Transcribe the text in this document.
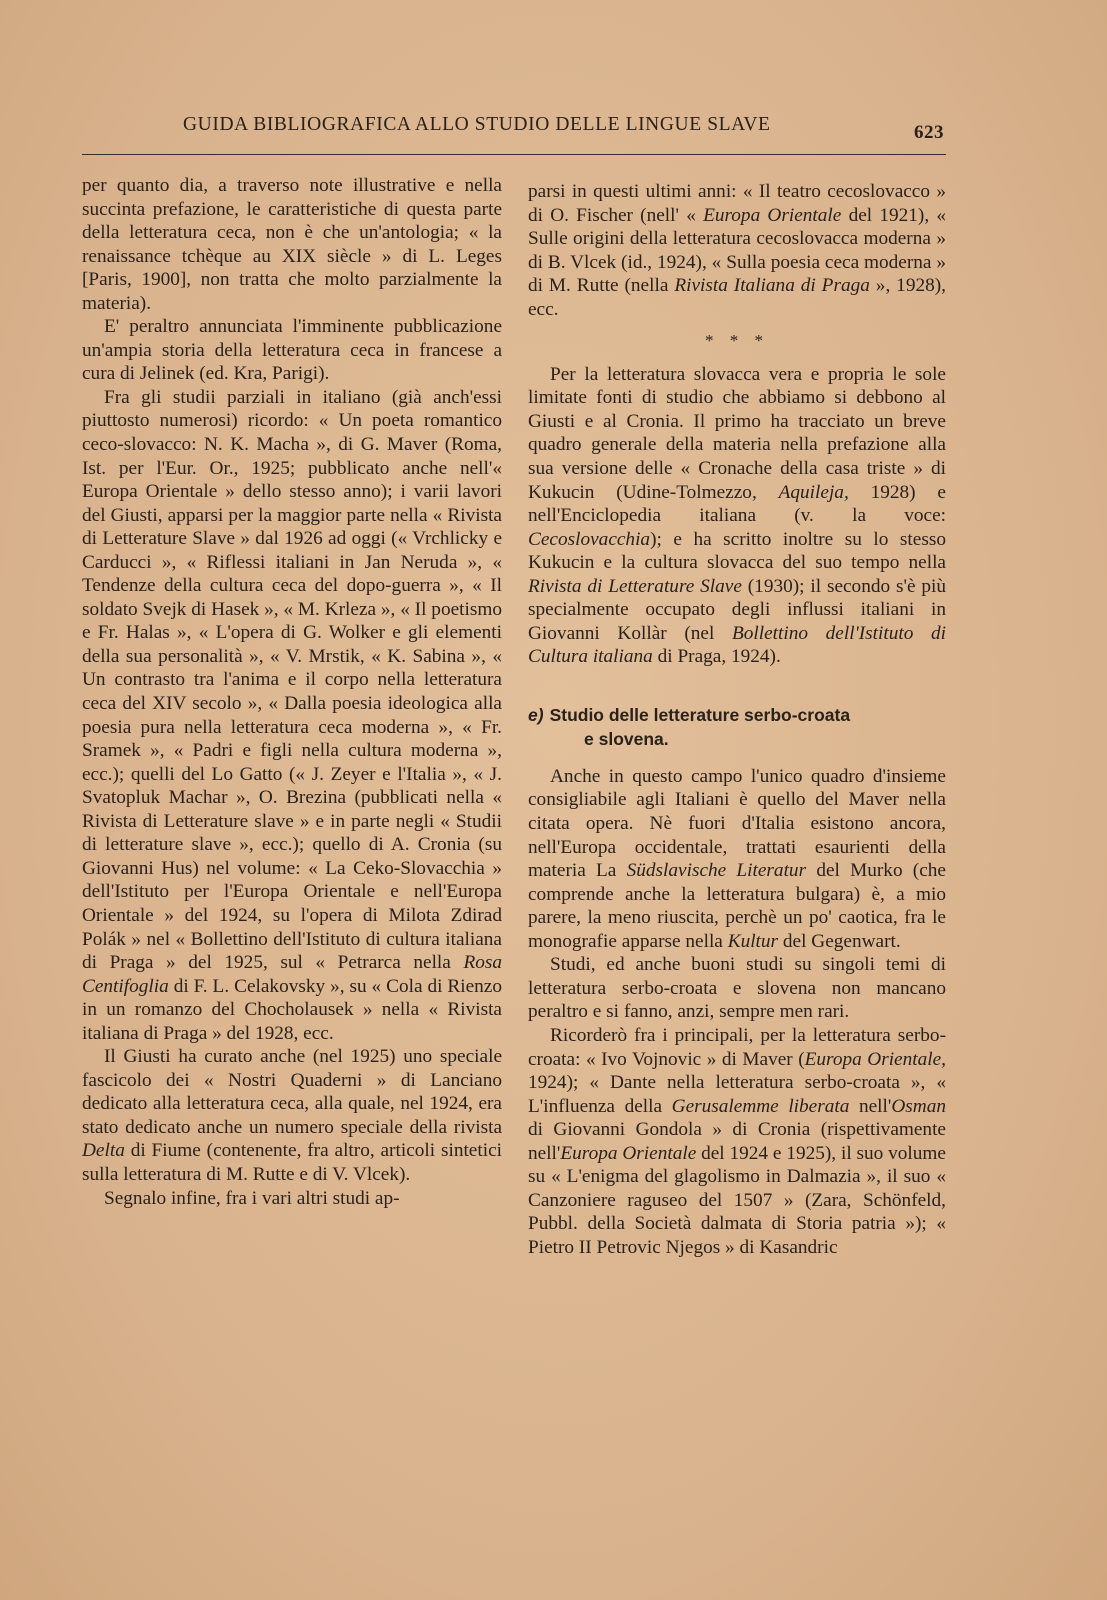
GUIDA BIBLIOGRAFICA ALLO STUDIO DELLE LINGUE SLAVE	623

per quanto dia, a traverso note illustrative e nella succinta prefazione, le caratteristiche di questa parte della letteratura ceca, non è che un'antologia; « la renaissance tchèque au XIX siècle » di L. Leges [Paris, 1900], non tratta che molto parzialmente la materia).

E' peraltro annunciata l'imminente pubblicazione un'ampia storia della letteratura ceca in francese a cura di Jelinek (ed. Kra, Parigi).

Fra gli studii parziali in italiano (già anch'essi piuttosto numerosi) ricordo: « Un poeta romantico ceco-slovacco: N. K. Macha », di G. Maver (Roma, Ist. per l'Eur. Or., 1925; pubblicato anche nell'« Europa Orientale » dello stesso anno); i varii lavori del Giusti, apparsi per la maggior parte nella « Rivista di Letterature Slave » dal 1926 ad oggi (« Vrchlicky e Carducci », « Riflessi italiani in Jan Neruda », « Tendenze della cultura ceca del dopo-guerra », « Il soldato Svejk di Hasek », « M. Krleza », « Il poetismo e Fr. Halas », « L'opera di G. Wolker e gli elementi della sua personalità », « V. Mrstik, « K. Sabina », « Un contrasto tra l'anima e il corpo nella letteratura ceca del XIV secolo », « Dalla poesia ideologica alla poesia pura nella letteratura ceca moderna », « Fr. Sramek », « Padri e figli nella cultura moderna », ecc.); quelli del Lo Gatto (« J. Zeyer e l'Italia », « J. Svatopluk Machar », O. Brezina (pubblicati nella « Rivista di Letterature slave » e in parte negli « Studii di letterature slave », ecc.); quello di A. Cronia (su Giovanni Hus) nel volume: « La Ceko-Slovacchia » dell'Istituto per l'Europa Orientale e nell'Europa Orientale » del 1924, su l'opera di Milota Zdirad Polák » nel « Bollettino dell'Istituto di cultura italiana di Praga » del 1925, sul « Petrarca nella Rosa Centifoglia di F. L. Celakovsky », su « Cola di Rienzo in un romanzo del Chocholausek » nella « Rivista italiana di Praga » del 1928, ecc.

Il Giusti ha curato anche (nel 1925) uno speciale fascicolo dei « Nostri Quaderni » di Lanciano dedicato alla letteratura ceca, alla quale, nel 1924, era stato dedicato anche un numero speciale della rivista Delta di Fiume (contenente, fra altro, articoli sintetici sulla letteratura di M. Rutte e di V. Vlcek).

Segnalo infine, fra i vari altri studi ap-

parsi in questi ultimi anni: « Il teatro cecoslovacco » di O. Fischer (nell' « Europa Orientale del 1921), « Sulle origini della letteratura cecoslovacca moderna » di B. Vlcek (id., 1924), « Sulla poesia ceca moderna » di M. Rutte (nella Rivista Italiana di Praga », 1928), ecc.

* * *

Per la letteratura slovacca vera e propria le sole limitate fonti di studio che abbiamo si debbono al Giusti e al Cronia. Il primo ha tracciato un breve quadro generale della materia nella prefazione alla sua versione delle « Cronache della casa triste » di Kukucin (Udine-Tolmezzo, Aquileja, 1928) e nell'Enciclopedia italiana (v. la voce: Cecoslovacchia); e ha scritto inoltre su lo stesso Kukucin e la cultura slovacca del suo tempo nella Rivista di Letterature Slave (1930); il secondo s'è più specialmente occupato degli influssi italiani in Giovanni Kollàr (nel Bollettino dell'Istituto di Cultura italiana di Praga, 1924).

e) Studio delle letterature serbo-croata
e slovena.

Anche in questo campo l'unico quadro d'insieme consigliabile agli Italiani è quello del Maver nella citata opera. Nè fuori d'Italia esistono ancora, nell'Europa occidentale, trattati esaurienti della materia La Südslavische Literatur del Murko (che comprende anche la letteratura bulgara) è, a mio parere, la meno riuscita, perchè un po' caotica, fra le monografie apparse nella Kultur del Gegenwart.

Studi, ed anche buoni studi su singoli temi di letteratura serbo-croata e slovena non mancano peraltro e si fanno, anzi, sempre men rari.

Ricorderò fra i principali, per la letteratura serbo-croata: « Ivo Vojnovic » di Maver (Europa Orientale, 1924); « Dante nella letteratura serbo-croata », « L'influenza della Gerusalemme liberata nell'Osman di Giovanni Gondola » di Cronia (rispettivamente nell'Europa Orientale del 1924 e 1925), il suo volume su « L'enigma del glagolismo in Dalmazia », il suo « Canzoniere raguseo del 1507 » (Zara, Schönfeld, Pubbl. della Società dalmata di Storia patria »); « Pietro II Petrovic Njegos » di Kasandric
